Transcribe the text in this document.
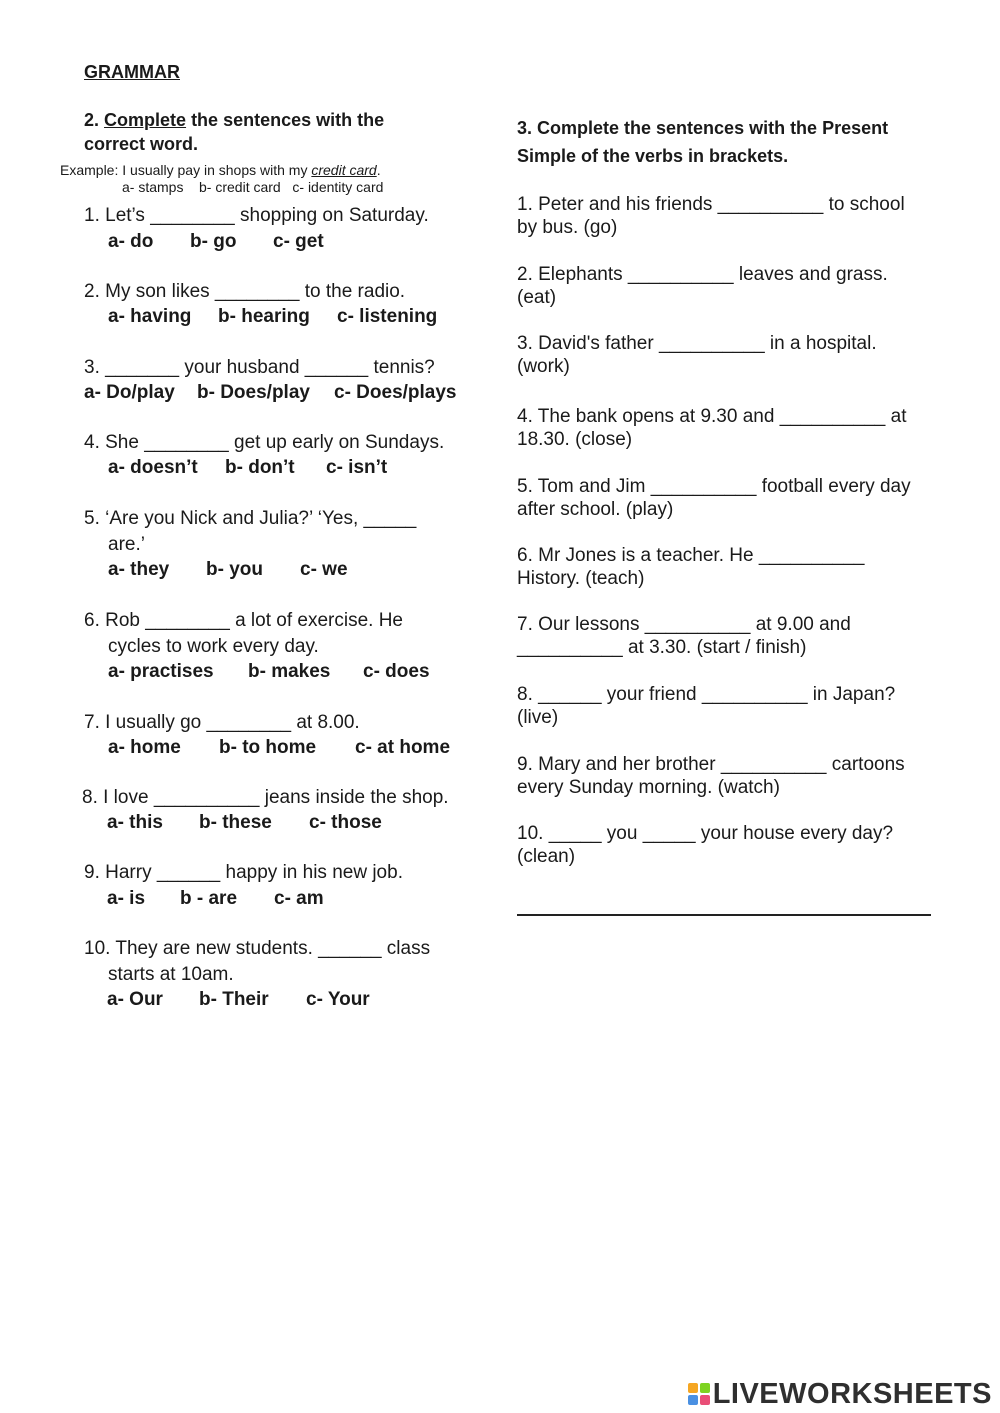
GRAMMAR
2. Complete the sentences with the
correct word.
Example: I usually pay in shops with my credit card.
a- stamps    b- credit card   c- identity card
1. Let’s ________ shopping on Saturday.
a- do b- go c- get
2. My son likes ________ to the radio.
a- having b- hearing c- listening
3. _______ your husband ______ tennis?
a- Do/play b- Does/play c- Does/plays
4. She ________ get up early on Sundays.
a- doesn’t b- don’t c- isn’t
5. ‘Are you Nick and Julia?’ ‘Yes, _____
are.’
a- they b- you c- we
6. Rob ________ a lot of exercise. He
cycles to work every day.
a- practises b- makes c- does
7. I usually go ________ at 8.00.
a- home b- to home c- at home
8. I love __________ jeans inside the shop.
a- this b- these c- those
9. Harry ______ happy in his new job.
a- is b - are c- am
10. They are new students. ______ class
starts at 10am.
a- Our b- Their c- Your
3. Complete the sentences with the Present
Simple of the verbs in brackets.
1. Peter and his friends __________ to school
by bus. (go)
2. Elephants __________ leaves and grass.
(eat)
3. David's father __________ in a hospital.
(work)
4. The bank opens at 9.30 and __________ at
18.30. (close)
5. Tom and Jim __________ football every day
after school. (play)
6. Mr Jones is a teacher. He __________
History. (teach)
7. Our lessons __________ at 9.00 and
__________ at 3.30. (start / finish)
8. ______ your friend __________ in Japan?
(live)
9. Mary and her brother __________ cartoons
every Sunday morning. (watch)
10. _____ you _____ your house every day?
(clean)
LIVEWORKSHEETS
